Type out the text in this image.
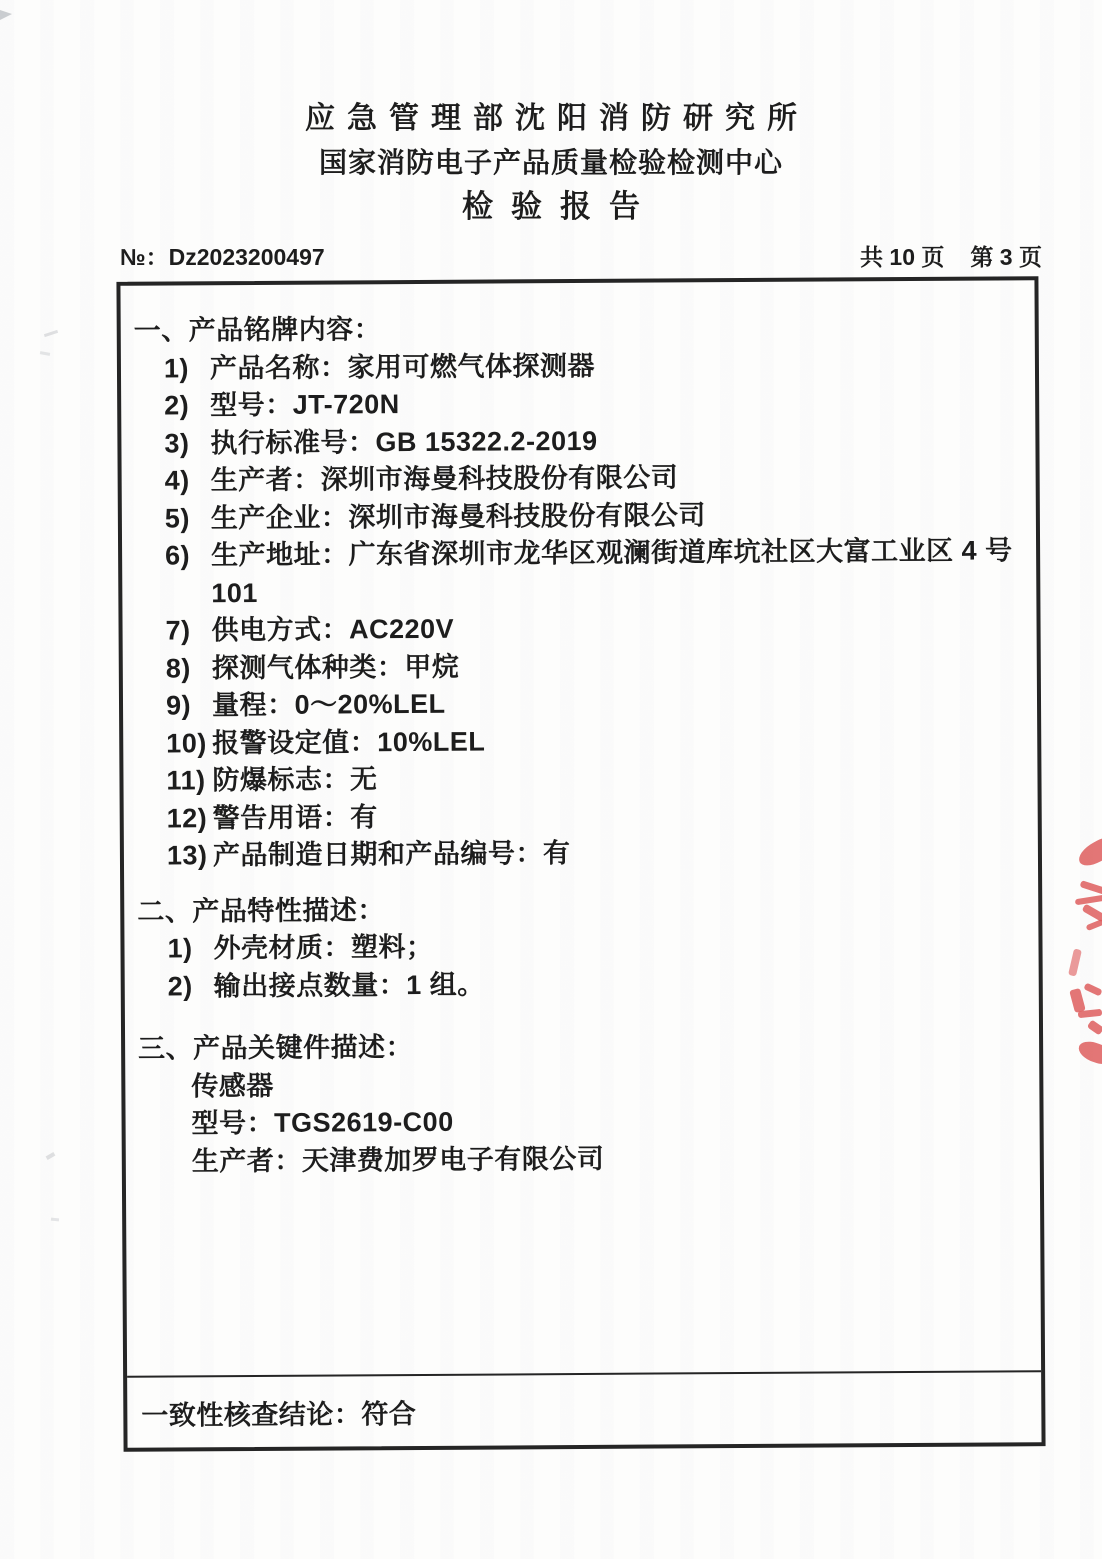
应急管理部沈阳消防研究所
国家消防电子产品质量检验检测中心
检验报告
№：Dz2023200497	共 10 页 第 3 页
一、产品铭牌内容：
1) 产品名称：家用可燃气体探测器
2) 型号：JT-720N
3) 执行标准号：GB 15322.2-2019
4) 生产者：深圳市海曼科技股份有限公司
5) 生产企业：深圳市海曼科技股份有限公司
6) 生产地址：广东省深圳市龙华区观澜街道库坑社区大富工业区 4 号 101
7) 供电方式：AC220V
8) 探测气体种类：甲烷
9) 量程：0～20%LEL
10) 报警设定值：10%LEL
11) 防爆标志：无
12) 警告用语：有
13) 产品制造日期和产品编号：有
二、产品特性描述：
1) 外壳材质：塑料；
2) 输出接点数量：1 组。
三、产品关键件描述：
传感器
型号：TGS2619-C00
生产者：天津费加罗电子有限公司
一致性核查结论： 符合
